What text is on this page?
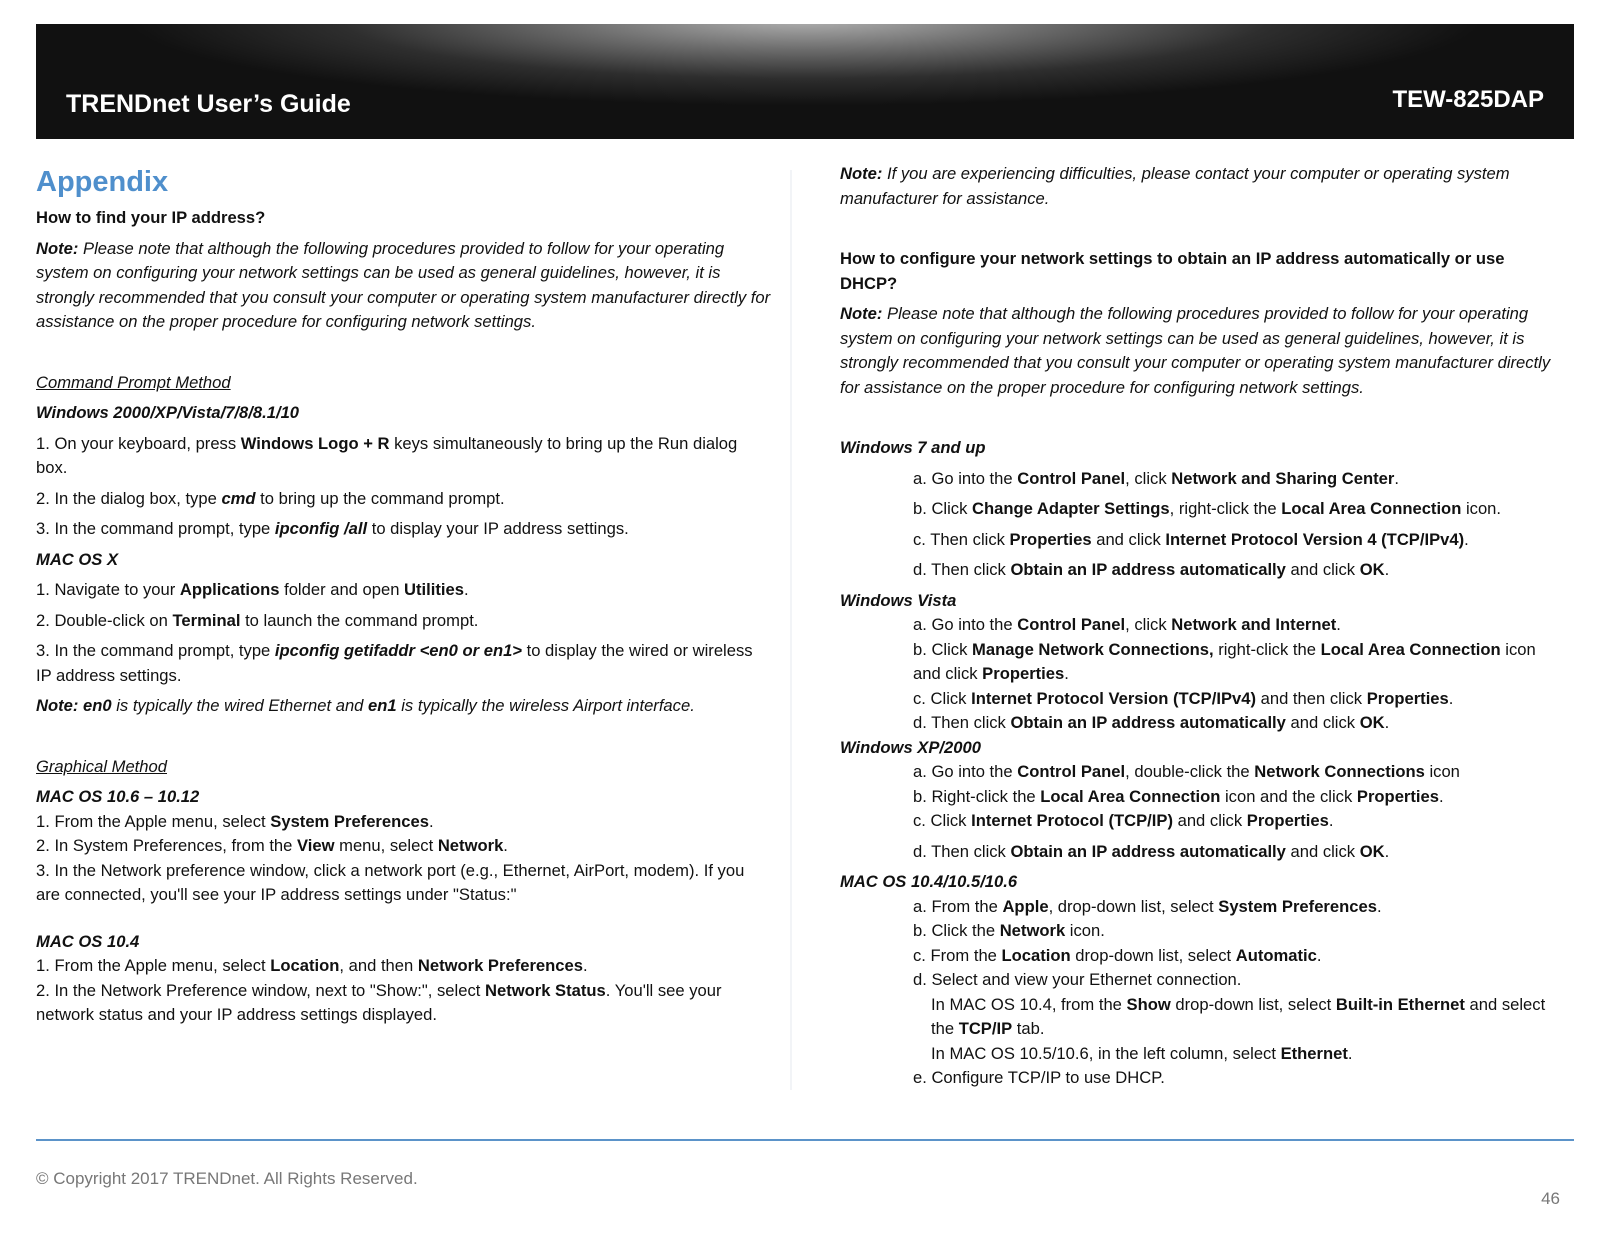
TRENDnet User’s Guide	TEW-825DAP
Appendix

How to find your IP address?

Note: Please note that although the following procedures provided to follow for your operating system on configuring your network settings can be used as general guidelines, however, it is strongly recommended that you consult your computer or operating system manufacturer directly for assistance on the proper procedure for configuring network settings.

Command Prompt Method

Windows 2000/XP/Vista/7/8/8.1/10

1. On your keyboard, press Windows Logo + R keys simultaneously to bring up the Run dialog box.

2. In the dialog box, type cmd to bring up the command prompt.

3. In the command prompt, type ipconfig /all to display your IP address settings.

MAC OS X

1. Navigate to your Applications folder and open Utilities.

2. Double-click on Terminal to launch the command prompt.

3. In the command prompt, type ipconfig getifaddr <en0 or en1> to display the wired or wireless IP address settings.

Note: en0 is typically the wired Ethernet and en1 is typically the wireless Airport interface.

Graphical Method

MAC OS 10.6 – 10.12

1. From the Apple menu, select System Preferences.

2. In System Preferences, from the View menu, select Network.

3. In the Network preference window, click a network port (e.g., Ethernet, AirPort, modem). If you are connected, you'll see your IP address settings under "Status:"

MAC OS 10.4

1. From the Apple menu, select Location, and then Network Preferences.

2. In the Network Preference window, next to "Show:", select Network Status. You'll see your network status and your IP address settings displayed.

Note: If you are experiencing difficulties, please contact your computer or operating system manufacturer for assistance.

How to configure your network settings to obtain an IP address automatically or use DHCP?

Note: Please note that although the following procedures provided to follow for your operating system on configuring your network settings can be used as general guidelines, however, it is strongly recommended that you consult your computer or operating system manufacturer directly for assistance on the proper procedure for configuring network settings.

Windows 7 and up

a. Go into the Control Panel, click Network and Sharing Center.

b. Click Change Adapter Settings, right-click the Local Area Connection icon.

c. Then click Properties and click Internet Protocol Version 4 (TCP/IPv4).

d. Then click Obtain an IP address automatically and click OK.

Windows Vista

a. Go into the Control Panel, click Network and Internet.

b. Click Manage Network Connections, right-click the Local Area Connection icon and click Properties.

c. Click Internet Protocol Version (TCP/IPv4) and then click Properties.

d. Then click Obtain an IP address automatically and click OK.

Windows XP/2000

a. Go into the Control Panel, double-click the Network Connections icon

b. Right-click the Local Area Connection icon and the click Properties.

c. Click Internet Protocol (TCP/IP) and click Properties.

d. Then click Obtain an IP address automatically and click OK.

MAC OS 10.4/10.5/10.6

a. From the Apple, drop-down list, select System Preferences.

b. Click the Network icon.

c. From the Location drop-down list, select Automatic.

d. Select and view your Ethernet connection.

In MAC OS 10.4, from the Show drop-down list, select Built-in Ethernet and select the TCP/IP tab.

In MAC OS 10.5/10.6, in the left column, select Ethernet.

e. Configure TCP/IP to use DHCP.

© Copyright 2017 TRENDnet. All Rights Reserved.
46
